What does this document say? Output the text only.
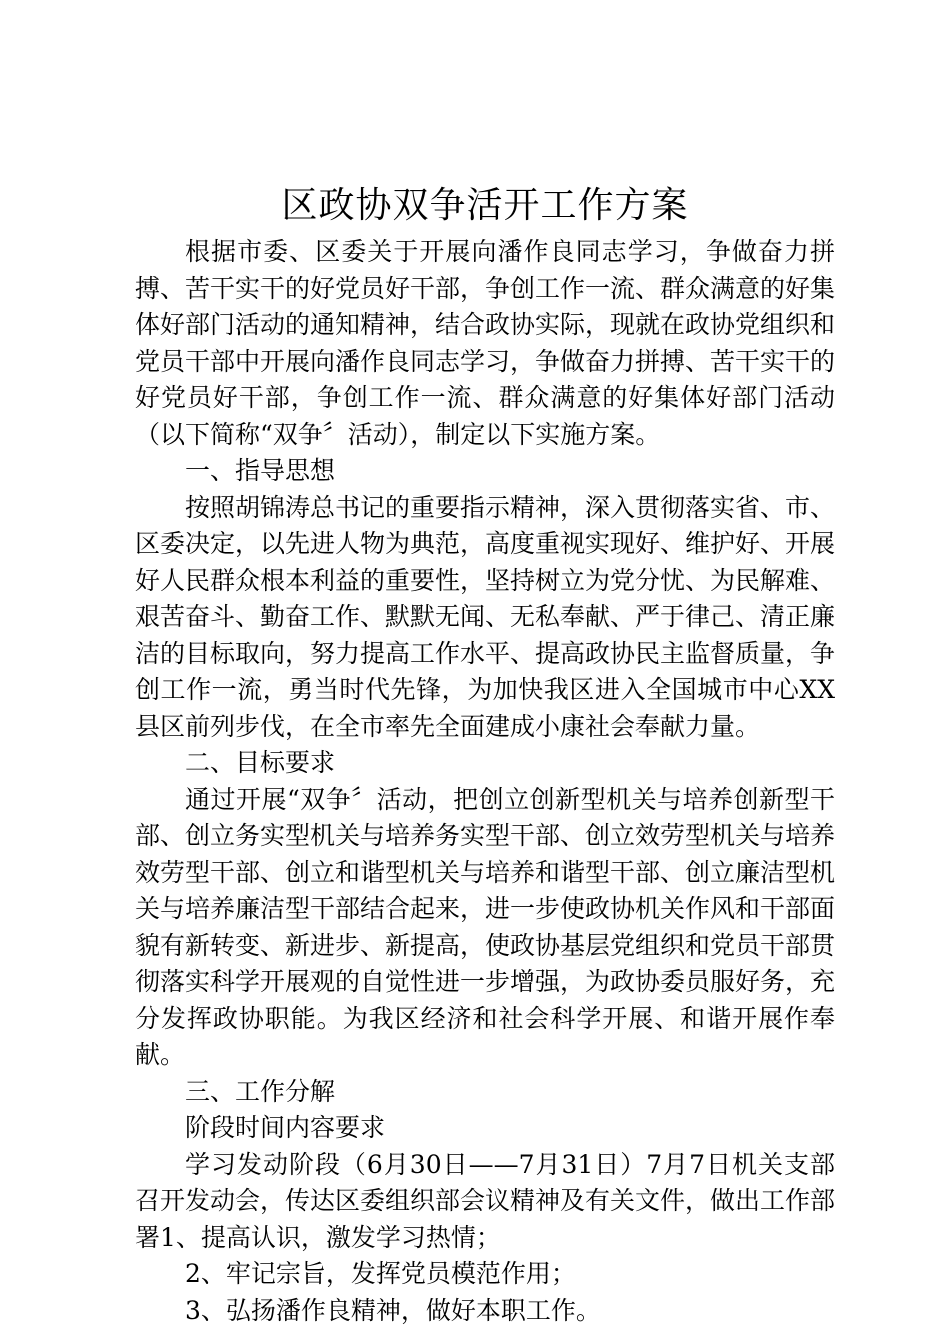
区政协双争活开工作方案

根据市委、区委关于开展向潘作良同志学习，争做奋力拼搏、苦干实干的好党员好干部，争创工作一流、群众满意的好集体好部门活动的通知精神，结合政协实际，现就在政协党组织和党员干部中开展向潘作良同志学习，争做奋力拼搏、苦干实干的好党员好干部，争创工作一流、群众满意的好集体好部门活动（以下简称“双争〞活动），制定以下实施方案。

一、指导思想

按照胡锦涛总书记的重要指示精神，深入贯彻落实省、市、区委决定，以先进人物为典范，高度重视实现好、维护好、开展好人民群众根本利益的重要性，坚持树立为党分忧、为民解难、艰苦奋斗、勤奋工作、默默无闻、无私奉献、严于律己、清正廉洁的目标取向，努力提高工作水平、提高政协民主监督质量，争创工作一流，勇当时代先锋，为加快我区进入全国城市中心XX县区前列步伐，在全市率先全面建成小康社会奉献力量。

二、目标要求

通过开展“双争〞活动，把创立创新型机关与培养创新型干部、创立务实型机关与培养务实型干部、创立效劳型机关与培养效劳型干部、创立和谐型机关与培养和谐型干部、创立廉洁型机关与培养廉洁型干部结合起来，进一步使政协机关作风和干部面貌有新转变、新进步、新提高，使政协基层党组织和党员干部贯彻落实科学开展观的自觉性进一步增强，为政协委员服好务，充分发挥政协职能。为我区经济和社会科学开展、和谐开展作奉献。

三、工作分解

阶段时间内容要求

学习发动阶段（6月30日——7月31日）7月7日机关支部召开发动会，传达区委组织部会议精神及有关文件，做出工作部署1、提高认识，激发学习热情；

2、牢记宗旨，发挥党员模范作用；

3、弘扬潘作良精神，做好本职工作。
